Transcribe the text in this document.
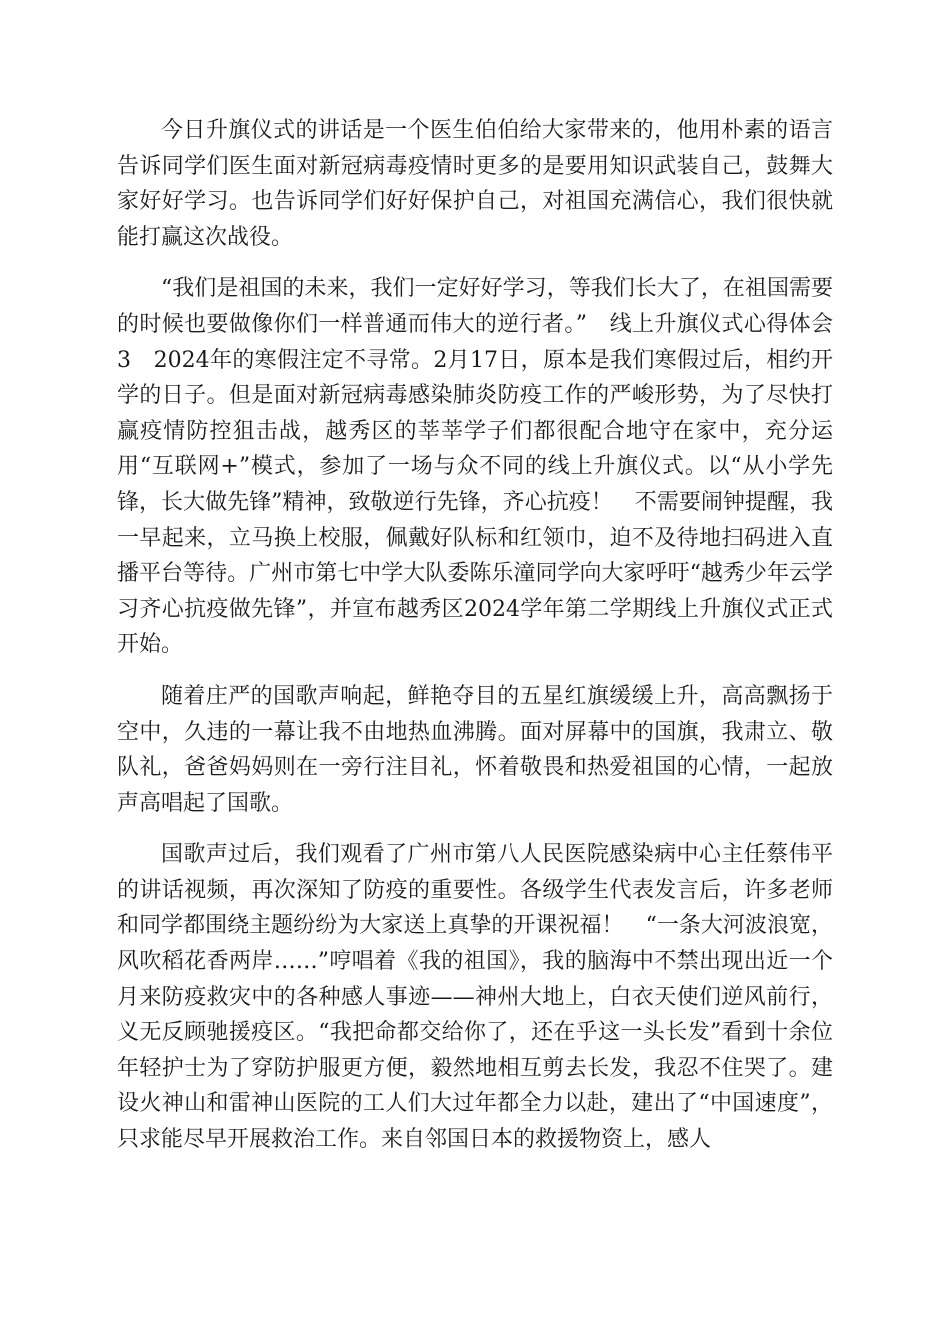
今日升旗仪式的讲话是一个医生伯伯给大家带来的，他用朴素的语言告诉同学们医生面对新冠病毒疫情时更多的是要用知识武装自己，鼓舞大家好好学习。也告诉同学们好好保护自己，对祖国充满信心，我们很快就能打赢这次战役。

“我们是祖国的未来，我们一定好好学习，等我们长大了，在祖国需要的时候也要做像你们一样普通而伟大的逆行者。”　线上升旗仪式心得体会3　2024年的寒假注定不寻常。2月17日，原本是我们寒假过后，相约开学的日子。但是面对新冠病毒感染肺炎防疫工作的严峻形势，为了尽快打赢疫情防控狙击战，越秀区的莘莘学子们都很配合地守在家中，充分运用“互联网+”模式，参加了一场与众不同的线上升旗仪式。以“从小学先锋，长大做先锋”精神，致敬逆行先锋，齐心抗疫！　不需要闹钟提醒，我一早起来，立马换上校服，佩戴好队标和红领巾，迫不及待地扫码进入直播平台等待。广州市第七中学大队委陈乐潼同学向大家呼吁“越秀少年云学习齐心抗疫做先锋”，并宣布越秀区2024学年第二学期线上升旗仪式正式开始。

随着庄严的国歌声响起，鲜艳夺目的五星红旗缓缓上升，高高飘扬于空中，久违的一幕让我不由地热血沸腾。面对屏幕中的国旗，我肃立、敬队礼，爸爸妈妈则在一旁行注目礼，怀着敬畏和热爱祖国的心情，一起放声高唱起了国歌。

国歌声过后，我们观看了广州市第八人民医院感染病中心主任蔡伟平的讲话视频，再次深知了防疫的重要性。各级学生代表发言后，许多老师和同学都围绕主题纷纷为大家送上真挚的开课祝福！　“一条大河波浪宽，风吹稻花香两岸……”哼唱着《我的祖国》，我的脑海中不禁出现出近一个月来防疫救灾中的各种感人事迹——神州大地上，白衣天使们逆风前行，义无反顾驰援疫区。“我把命都交给你了，还在乎这一头长发”看到十余位年轻护士为了穿防护服更方便，毅然地相互剪去长发，我忍不住哭了。建设火神山和雷神山医院的工人们大过年都全力以赴，建出了“中国速度”，只求能尽早开展救治工作。来自邻国日本的救援物资上，感人
